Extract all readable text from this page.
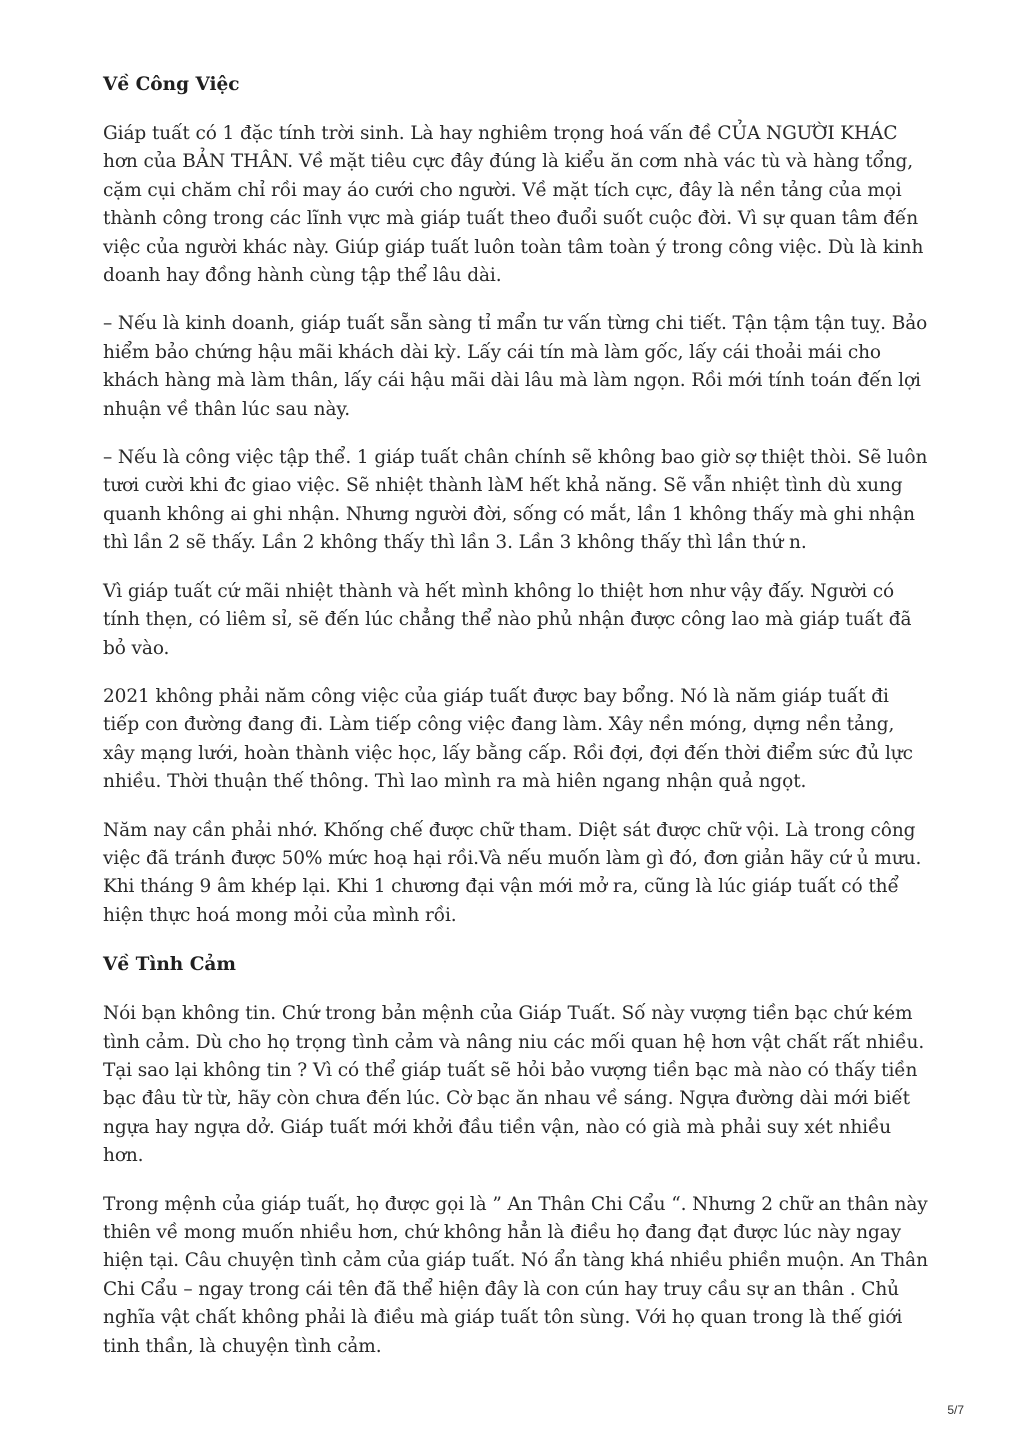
Về Công Việc

Giáp tuất có 1 đặc tính trời sinh. Là hay nghiêm trọng hoá vấn đề CỦA NGƯỜI KHÁC hơn của BẢN THÂN. Về mặt tiêu cực đây đúng là kiểu ăn cơm nhà vác tù và hàng tổng, cặm cụi chăm chỉ rồi may áo cưới cho người. Về mặt tích cực, đây là nền tảng của mọi thành công trong các lĩnh vực mà giáp tuất theo đuổi suốt cuộc đời. Vì sự quan tâm đến việc của người khác này. Giúp giáp tuất luôn toàn tâm toàn ý trong công việc. Dù là kinh doanh hay đồng hành cùng tập thể lâu dài.

– Nếu là kinh doanh, giáp tuất sẵn sàng tỉ mẩn tư vấn từng chi tiết. Tận tậm tận tuỵ. Bảo hiểm bảo chứng hậu mãi khách dài kỳ. Lấy cái tín mà làm gốc, lấy cái thoải mái cho khách hàng mà làm thân, lấy cái hậu mãi dài lâu mà làm ngọn. Rồi mới tính toán đến lợi nhuận về thân lúc sau này.

– Nếu là công việc tập thể. 1 giáp tuất chân chính sẽ không bao giờ sợ thiệt thòi. Sẽ luôn tươi cười khi đc giao việc. Sẽ nhiệt thành làM hết khả năng. Sẽ vẫn nhiệt tình dù xung quanh không ai ghi nhận. Nhưng người đời, sống có mắt, lần 1 không thấy mà ghi nhận thì lần 2 sẽ thấy. Lần 2 không thấy thì lần 3. Lần 3 không thấy thì lần thứ n.

Vì giáp tuất cứ mãi nhiệt thành và hết mình không lo thiệt hơn như vậy đấy. Người có tính thẹn, có liêm sỉ, sẽ đến lúc chẳng thể nào phủ nhận được công lao mà giáp tuất đã bỏ vào.

2021 không phải năm công việc của giáp tuất được bay bổng. Nó là năm giáp tuất đi tiếp con đường đang đi. Làm tiếp công việc đang làm. Xây nền móng, dựng nền tảng, xây mạng lưới, hoàn thành việc học, lấy bằng cấp. Rồi đợi, đợi đến thời điểm sức đủ lực nhiều. Thời thuận thế thông. Thì lao mình ra mà hiên ngang nhận quả ngọt.

Năm nay cần phải nhớ. Khống chế được chữ tham. Diệt sát được chữ vội. Là trong công việc đã tránh được 50% mức hoạ hại rồi.Và nếu muốn làm gì đó, đơn giản hãy cứ ủ mưu. Khi tháng 9 âm khép lại. Khi 1 chương đại vận mới mở ra, cũng là lúc giáp tuất có thể hiện thực hoá mong mỏi của mình rồi.

Về Tình Cảm

Nói bạn không tin. Chứ trong bản mệnh của Giáp Tuất. Số này vượng tiền bạc chứ kém tình cảm. Dù cho họ trọng tình cảm và nâng niu các mối quan hệ hơn vật chất rất nhiều. Tại sao lại không tin ? Vì có thể giáp tuất sẽ hỏi bảo vượng tiền bạc mà nào có thấy tiền bạc đâu từ từ, hãy còn chưa đến lúc. Cờ bạc ăn nhau về sáng. Ngựa đường dài mới biết ngựa hay ngựa dở. Giáp tuất mới khởi đầu tiền vận, nào có già mà phải suy xét nhiều hơn.

Trong mệnh của giáp tuất, họ được gọi là ” An Thân Chi Cẩu “. Nhưng 2 chữ an thân này thiên về mong muốn nhiều hơn, chứ không hẳn là điều họ đang đạt được lúc này ngay hiện tại. Câu chuyện tình cảm của giáp tuất. Nó ẩn tàng khá nhiều phiền muộn. An Thân Chi Cẩu – ngay trong cái tên đã thể hiện đây là con cún hay truy cầu sự an thân . Chủ nghĩa vật chất không phải là điều mà giáp tuất tôn sùng. Với họ quan trong là thế giới tinh thần, là chuyện tình cảm.

5/7
